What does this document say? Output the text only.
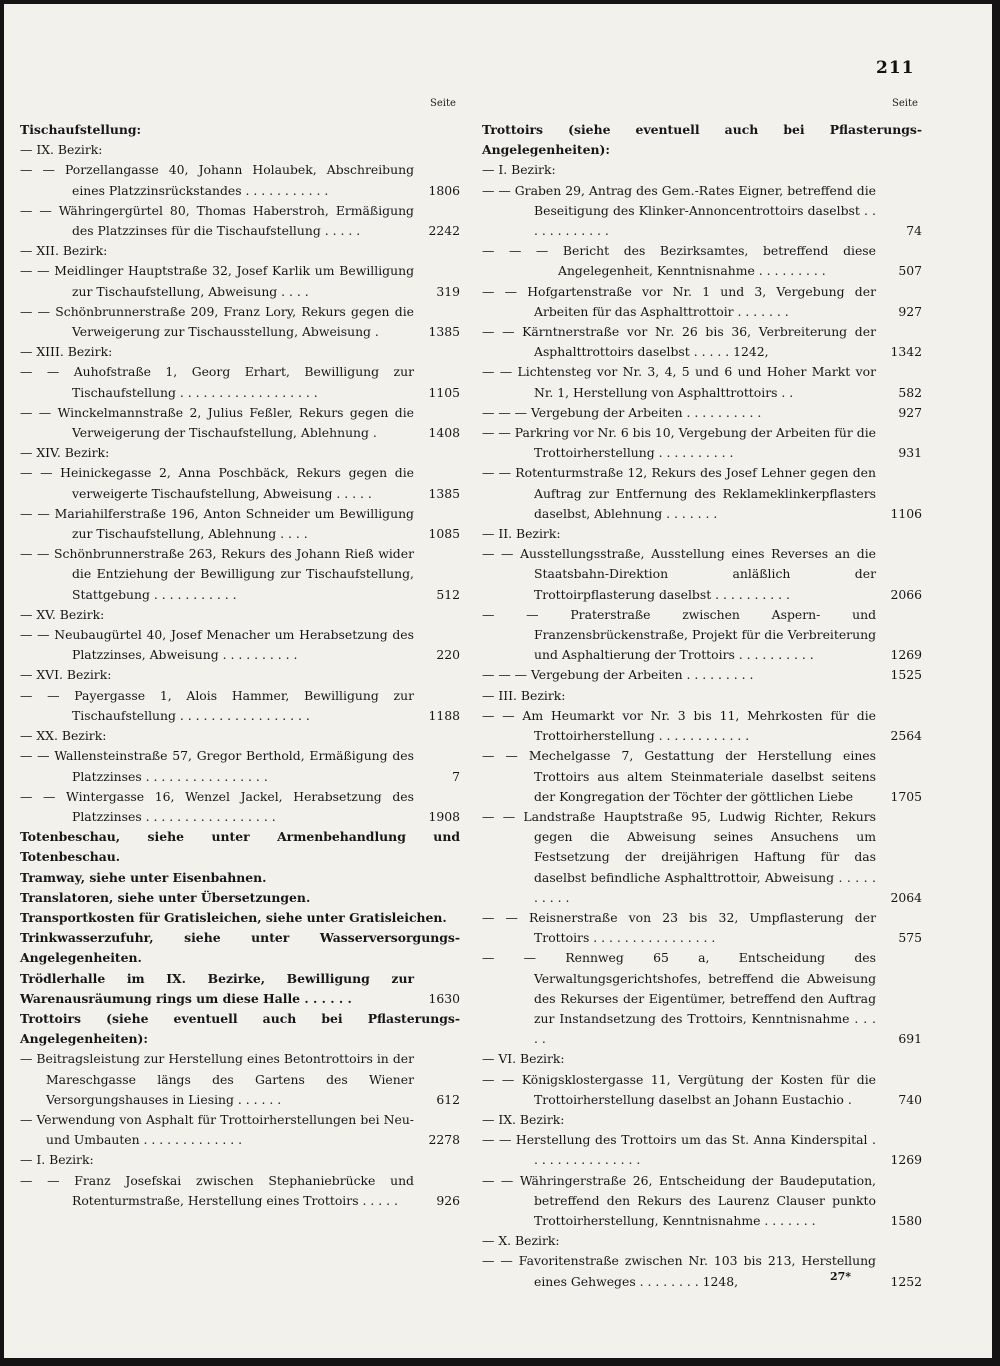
211
Seite	Seite
Tischaufstellung:
— IX. Bezirk:
— — Porzellangasse 40, Johann Holaubek, Abschreibung eines Platzzinsrückstandes . . . . . . . . . . .	1806
— — Währingergürtel 80, Thomas Haberstroh, Ermäßigung des Platzzinses für die Tischaufstellung . . . . .	2242
— XII. Bezirk:
— — Meidlinger Hauptstraße 32, Josef Karlik um Bewilligung zur Tischaufstellung, Abweisung . . . .	319
— — Schönbrunnerstraße 209, Franz Lory, Rekurs gegen die Verweigerung zur Tischausstellung, Abweisung .	1385
— XIII. Bezirk:
— — Auhofstraße 1, Georg Erhart, Bewilligung zur Tischaufstellung . . . . . . . . . . . . . . . . . .	1105
— — Winckelmannstraße 2, Julius Feßler, Rekurs gegen die Verweigerung der Tischaufstellung, Ablehnung .	1408
— XIV. Bezirk:
— — Heinickegasse 2, Anna Poschbäck, Rekurs gegen die verweigerte Tischaufstellung, Abweisung . . . . .	1385
— — Mariahilferstraße 196, Anton Schneider um Bewilligung zur Tischaufstellung, Ablehnung . . . .	1085
— — Schönbrunnerstraße 263, Rekurs des Johann Rieß wider die Entziehung der Bewilligung zur Tischaufstellung, Stattgebung . . . . . . . . . . .	512
— XV. Bezirk:
— — Neubaugürtel 40, Josef Menacher um Herabsetzung des Platzzinses, Abweisung . . . . . . . . . .	220
— XVI. Bezirk:
— — Payergasse 1, Alois Hammer, Bewilligung zur Tischaufstellung . . . . . . . . . . . . . . . . .	1188
— XX. Bezirk:
— — Wallensteinstraße 57, Gregor Berthold, Ermäßigung des Platzzinses . . . . . . . . . . . . . . . .	7
— — Wintergasse 16, Wenzel Jackel, Herabsetzung des Platzzinses . . . . . . . . . . . . . . . . .	1908
Totenbeschau, siehe unter Armenbehandlung und Totenbeschau.
Tramway, siehe unter Eisenbahnen.
Translatoren, siehe unter Übersetzungen.
Transportkosten für Gratisleichen, siehe unter Gratisleichen.
Trinkwasserzufuhr, siehe unter Wasserversorgungs-Angelegenheiten.
Trödlerhalle im IX. Bezirke, Bewilligung zur Warenausräumung rings um diese Halle . . . . . .	1630
Trottoirs (siehe eventuell auch bei Pflasterungs-Angelegenheiten):
— Beitragsleistung zur Herstellung eines Betontrottoirs in der Mareschgasse längs des Gartens des Wiener Versorgungshauses in Liesing . . . . . .	612
— Verwendung von Asphalt für Trottoirherstellungen bei Neu- und Umbauten . . . . . . . . . . . . .	2278
— I. Bezirk:
— — Franz Josefskai zwischen Stephaniebrücke und Rotenturmstraße, Herstellung eines Trottoirs . . . . .	926
Trottoirs (siehe eventuell auch bei Pflasterungs-Angelegenheiten):
— I. Bezirk:
— — Graben 29, Antrag des Gem.-Rates Eigner, betreffend die Beseitigung des Klinker-Annoncentrottoirs daselbst . . . . . . . . . . . .	74
— — — Bericht des Bezirksamtes, betreffend diese Angelegenheit, Kenntnisnahme . . . . . . . . .	507
— — Hofgartenstraße vor Nr. 1 und 3, Vergebung der Arbeiten für das Asphalttrottoir . . . . . . .	927
— — Kärntnerstraße vor Nr. 26 bis 36, Verbreiterung der Asphalttrottoirs daselbst . . . . . 1242,	1342
— — Lichtensteg vor Nr. 3, 4, 5 und 6 und Hoher Markt vor Nr. 1, Herstellung von Asphalttrottoirs . .	582
— — — Vergebung der Arbeiten . . . . . . . . . .	927
— — Parkring vor Nr. 6 bis 10, Vergebung der Arbeiten für die Trottoirherstellung . . . . . . . . . .	931
— — Rotenturmstraße 12, Rekurs des Josef Lehner gegen den Auftrag zur Entfernung des Reklameklinkerpflasters daselbst, Ablehnung . . . . . . .	1106
— II. Bezirk:
— — Ausstellungsstraße, Ausstellung eines Reverses an die Staatsbahn-Direktion anläßlich der Trottoirpflasterung daselbst . . . . . . . . . .	2066
— — Praterstraße zwischen Aspern- und Franzensbrückenstraße, Projekt für die Verbreiterung und Asphaltierung der Trottoirs . . . . . . . . . .	1269
— — — Vergebung der Arbeiten . . . . . . . . .	1525
— III. Bezirk:
— — Am Heumarkt vor Nr. 3 bis 11, Mehrkosten für die Trottoirherstellung . . . . . . . . . . . .	2564
— — Mechelgasse 7, Gestattung der Herstellung eines Trottoirs aus altem Steinmateriale daselbst seitens der Kongregation der Töchter der göttlichen Liebe	1705
— — Landstraße Hauptstraße 95, Ludwig Richter, Rekurs gegen die Abweisung seines Ansuchens um Festsetzung der dreijährigen Haftung für das daselbst befindliche Asphalttrottoir, Abweisung . . . . . . . . . .	2064
— — Reisnerstraße von 23 bis 32, Umpflasterung der Trottoirs . . . . . . . . . . . . . . . .	575
— — Rennweg 65 a, Entscheidung des Verwaltungsgerichtshofes, betreffend die Abweisung des Rekurses der Eigentümer, betreffend den Auftrag zur Instandsetzung des Trottoirs, Kenntnisnahme . . . . .	691
— VI. Bezirk:
— — Königsklostergasse 11, Vergütung der Kosten für die Trottoirherstellung daselbst an Johann Eustachio .	740
— IX. Bezirk:
— — Herstellung des Trottoirs um das St. Anna Kinderspital . . . . . . . . . . . . . . .	1269
— — Währingerstraße 26, Entscheidung der Baudeputation, betreffend den Rekurs des Laurenz Clauser punkto Trottoirherstellung, Kenntnisnahme . . . . . . .	1580
— X. Bezirk:
— — Favoritenstraße zwischen Nr. 103 bis 213, Herstellung eines Gehweges . . . . . . . . 1248,	1252
27*
